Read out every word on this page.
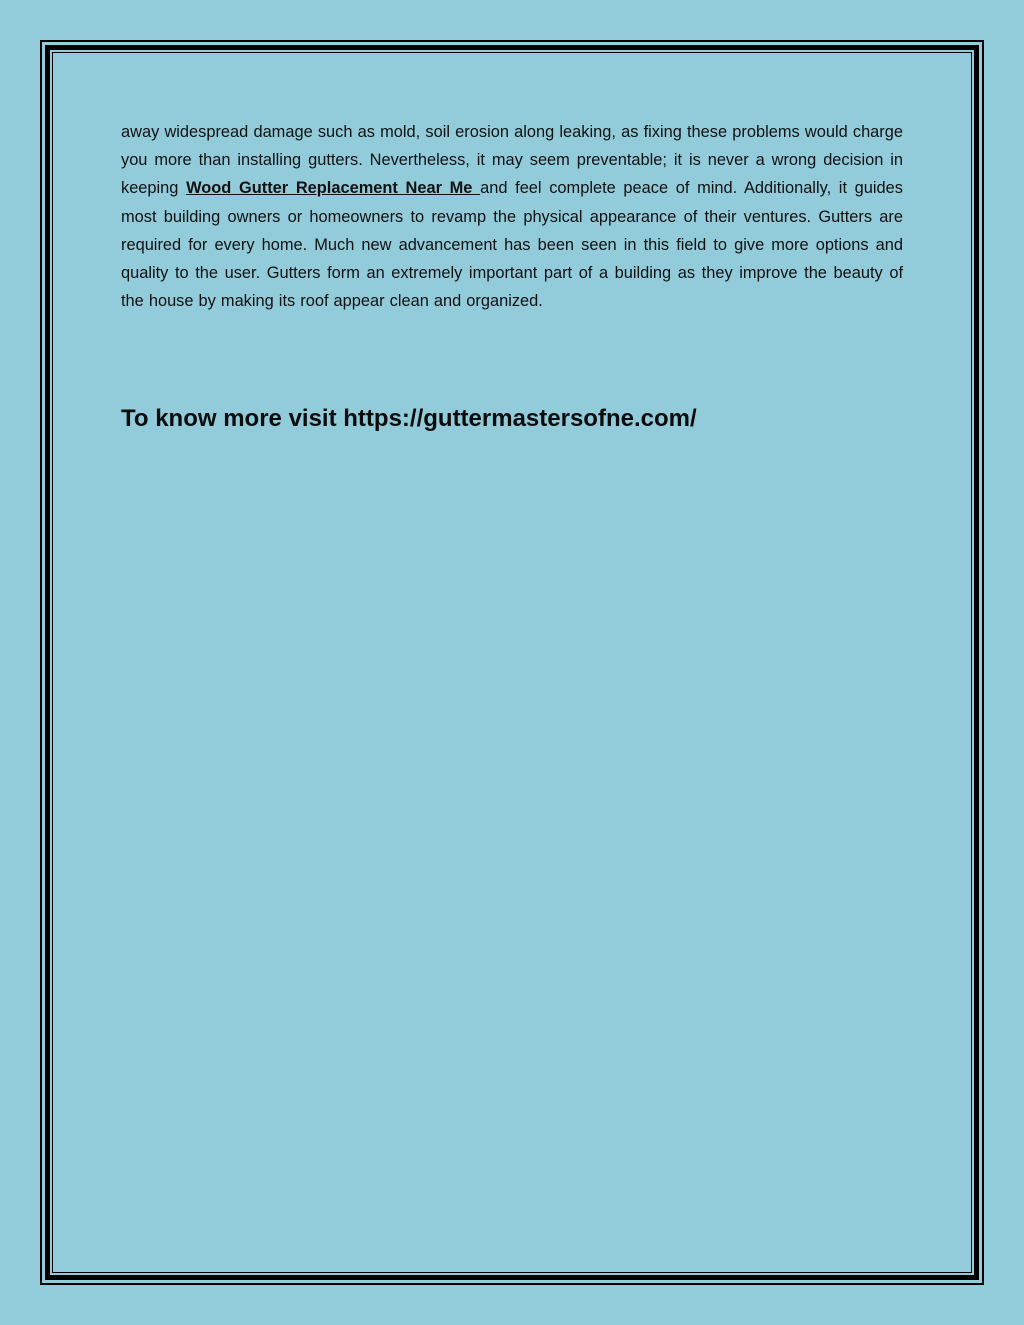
away widespread damage such as mold, soil erosion along leaking, as fixing these problems would charge you more than installing gutters. Nevertheless, it may seem preventable; it is never a wrong decision in keeping Wood Gutter Replacement Near Me and feel complete peace of mind. Additionally, it guides most building owners or homeowners to revamp the physical appearance of their ventures. Gutters are required for every home. Much new advancement has been seen in this field to give more options and quality to the user. Gutters form an extremely important part of a building as they improve the beauty of the house by making its roof appear clean and organized.

To know more visit https://guttermastersofne.com/
